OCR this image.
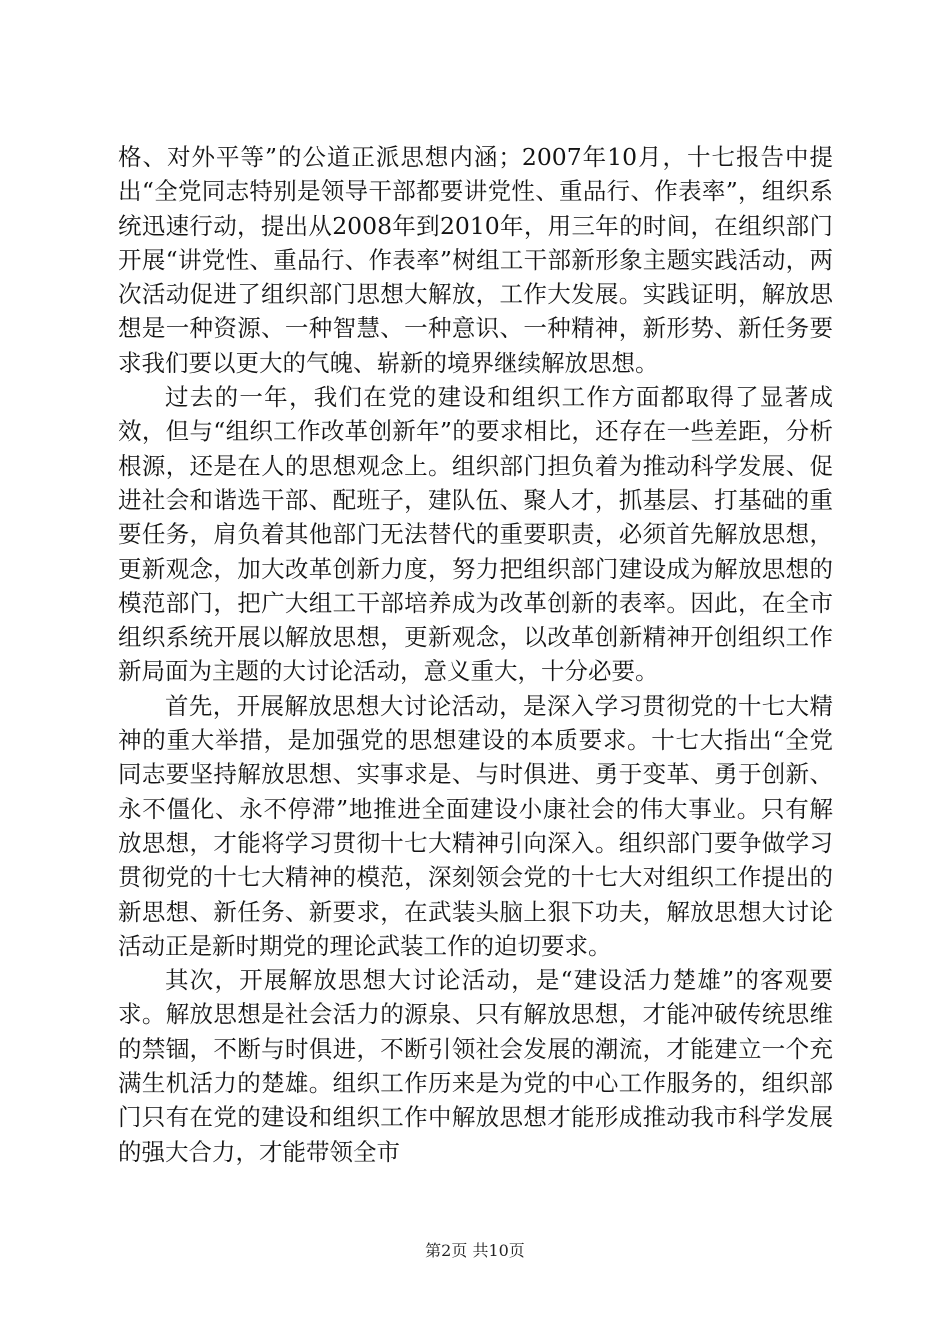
格、对外平等”的公道正派思想内涵；2007年10月，十七报告中提出“全党同志特别是领导干部都要讲党性、重品行、作表率”，组织系统迅速行动，提出从2008年到2010年，用三年的时间，在组织部门开展“讲党性、重品行、作表率”树组工干部新形象主题实践活动，两次活动促进了组织部门思想大解放，工作大发展。实践证明，解放思想是一种资源、一种智慧、一种意识、一种精神，新形势、新任务要求我们要以更大的气魄、崭新的境界继续解放思想。

过去的一年，我们在党的建设和组织工作方面都取得了显著成效，但与“组织工作改革创新年”的要求相比，还存在一些差距，分析根源，还是在人的思想观念上。组织部门担负着为推动科学发展、促进社会和谐选干部、配班子，建队伍、聚人才，抓基层、打基础的重要任务，肩负着其他部门无法替代的重要职责，必须首先解放思想，更新观念，加大改革创新力度，努力把组织部门建设成为解放思想的模范部门，把广大组工干部培养成为改革创新的表率。因此，在全市组织系统开展以解放思想，更新观念，以改革创新精神开创组织工作新局面为主题的大讨论活动，意义重大，十分必要。

首先，开展解放思想大讨论活动，是深入学习贯彻党的十七大精神的重大举措，是加强党的思想建设的本质要求。十七大指出“全党同志要坚持解放思想、实事求是、与时俱进、勇于变革、勇于创新、永不僵化、永不停滞”地推进全面建设小康社会的伟大事业。只有解放思想，才能将学习贯彻十七大精神引向深入。组织部门要争做学习贯彻党的十七大精神的模范，深刻领会党的十七大对组织工作提出的新思想、新任务、新要求，在武装头脑上狠下功夫，解放思想大讨论活动正是新时期党的理论武装工作的迫切要求。

其次，开展解放思想大讨论活动，是“建设活力楚雄”的客观要求。解放思想是社会活力的源泉、只有解放思想，才能冲破传统思维的禁锢，不断与时俱进，不断引领社会发展的潮流，才能建立一个充满生机活力的楚雄。组织工作历来是为党的中心工作服务的，组织部门只有在党的建设和组织工作中解放思想才能形成推动我市科学发展的强大合力，才能带领全市

第2页 共10页
